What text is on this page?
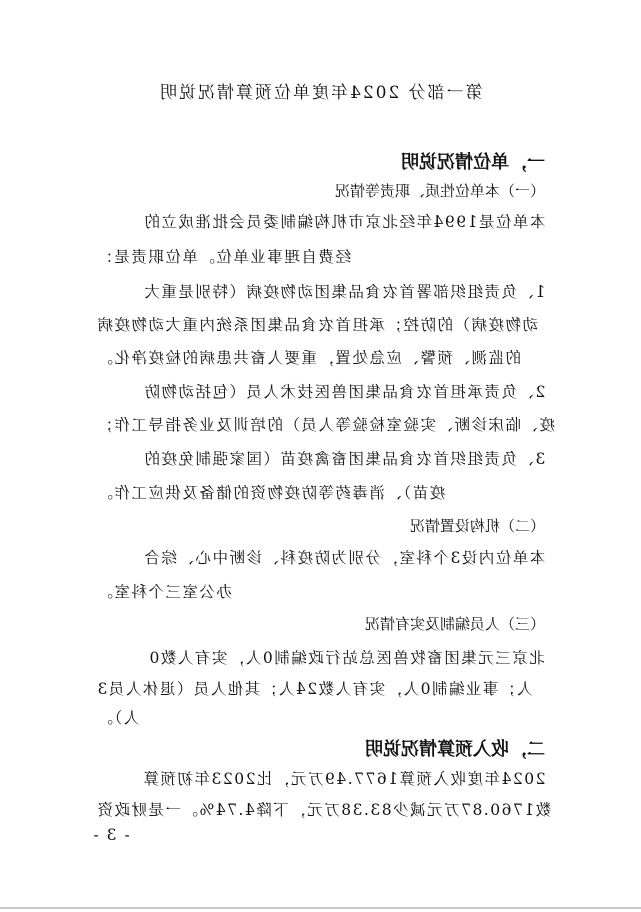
第一部分 2024年度单位预算情况说明
一，单位情况说明
（一）本单位性质、职责等情况
本单位是1994年经北京市机构编制委员会批准成立的
经费自理事业单位。单位职责是：
1、负责组织部署首农食品集团动物疫病（特别是重大
动物疫病）的防控；承担首农食品集团系统内重大动物疫病
的监测、预警、应急处置，重要人畜共患病的检疫净化。
2、负责承担首农食品集团兽医技术人员（包括动物防
疫、临床诊断、实验室检验等人员）的培训及业务指导工作；
3、负责组织首农食品集团畜禽疫苗（国家强制免疫的
疫苗）、消毒药等防疫物资的储备及供应工作。
（二）机构设置情况
本单位内设3个科室，分别为防疫科、诊断中心、综合
办公室三个科室。
（三）人员编制及实有情况
北京三元集团畜牧兽医总站行政编制0人，实有人数0
人；事业编制0人，实有人数24人；其他人员（退休人员3
人）。
二，收入预算情况说明
2024年度收入预算1677.49万元，比2023年初预算
数1760.87万元减少83.38万元，下降4.74%。一是财政资
- 3 -
